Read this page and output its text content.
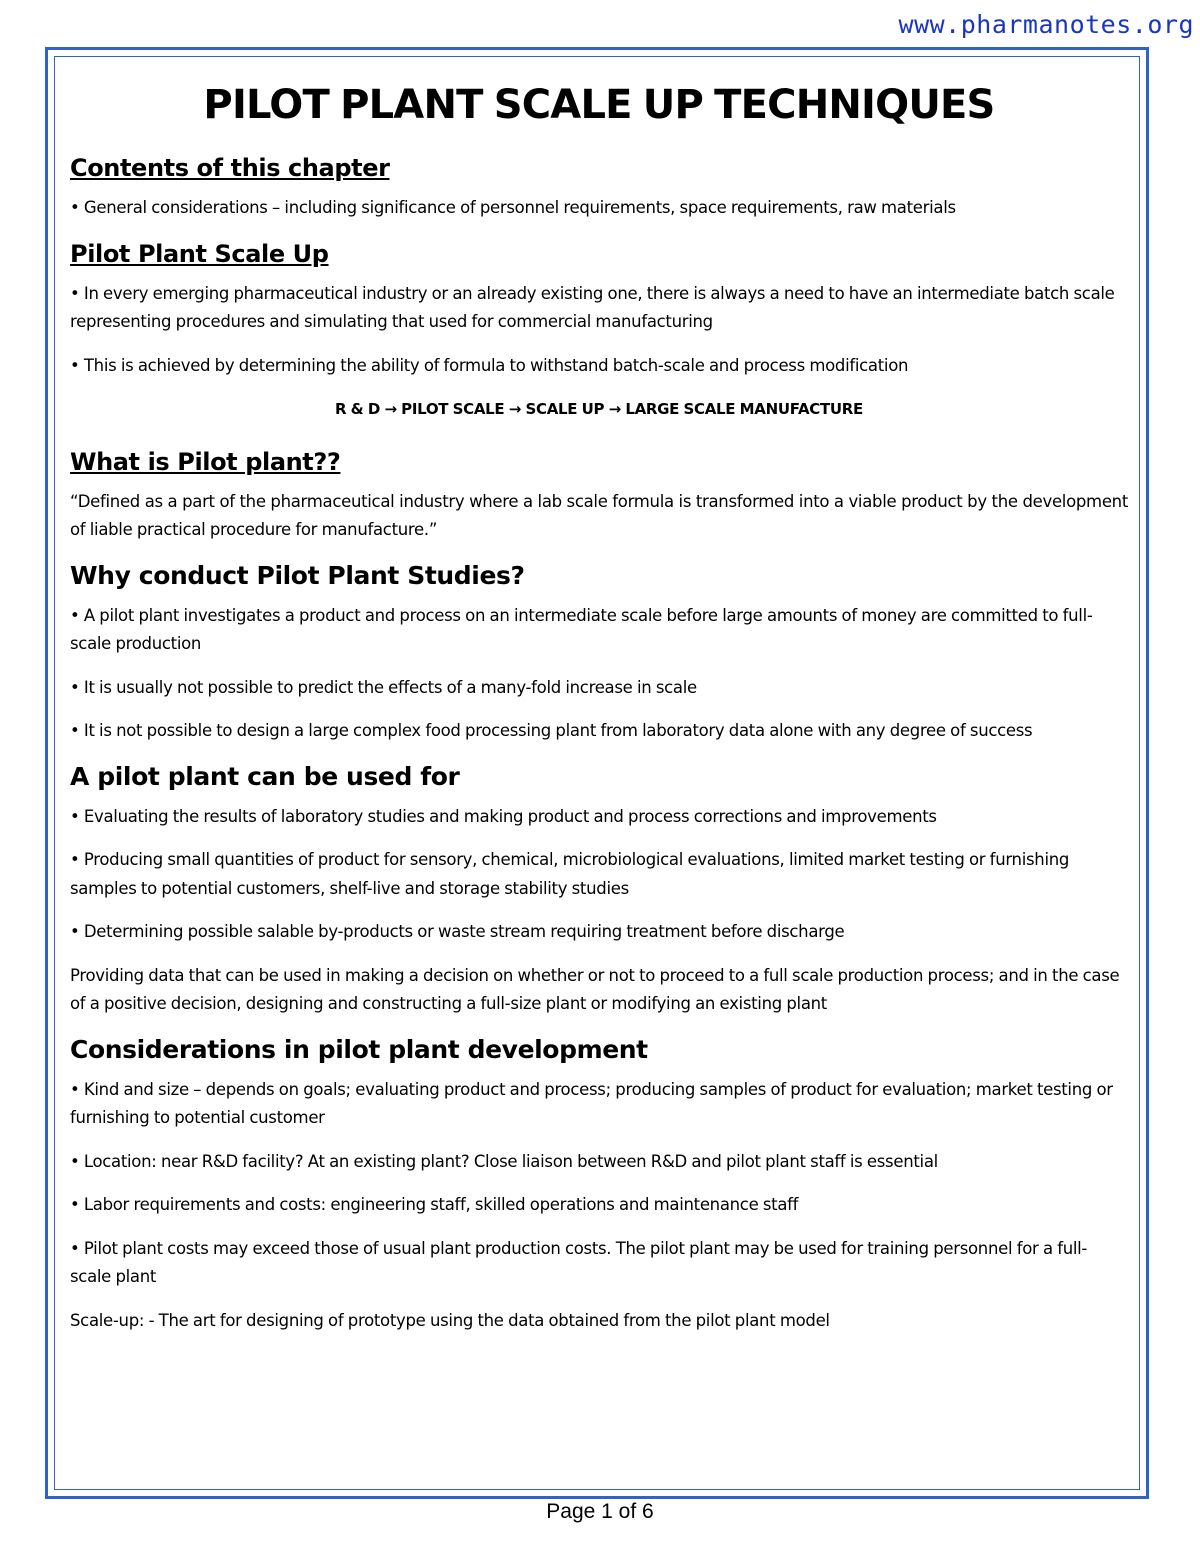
www.pharmanotes.org
PILOT PLANT SCALE UP TECHNIQUES
Contents of this chapter

• General considerations – including significance of personnel requirements, space requirements, raw materials

Pilot Plant Scale Up

• In every emerging pharmaceutical industry or an already existing one, there is always a need to have an intermediate batch scale representing procedures and simulating that used for commercial manufacturing

• This is achieved by determining the ability of formula to withstand batch-scale and process modification

R & D → PILOT SCALE → SCALE UP → LARGE SCALE MANUFACTURE

What is Pilot plant??

“Defined as a part of the pharmaceutical industry where a lab scale formula is transformed into a viable product by the development of liable practical procedure for manufacture.”

Why conduct Pilot Plant Studies?

• A pilot plant investigates a product and process on an intermediate scale before large amounts of money are committed to full-scale production

• It is usually not possible to predict the effects of a many-fold increase in scale

• It is not possible to design a large complex food processing plant from laboratory data alone with any degree of success

A pilot plant can be used for

• Evaluating the results of laboratory studies and making product and process corrections and improvements

• Producing small quantities of product for sensory, chemical, microbiological evaluations, limited market testing or furnishing samples to potential customers, shelf-live and storage stability studies

• Determining possible salable by-products or waste stream requiring treatment before discharge

Providing data that can be used in making a decision on whether or not to proceed to a full scale production process; and in the case of a positive decision, designing and constructing a full-size plant or modifying an existing plant

Considerations in pilot plant development

• Kind and size – depends on goals; evaluating product and process; producing samples of product for evaluation; market testing or furnishing to potential customer

• Location: near R&D facility? At an existing plant? Close liaison between R&D and pilot plant staff is essential

• Labor requirements and costs: engineering staff, skilled operations and maintenance staff

• Pilot plant costs may exceed those of usual plant production costs. The pilot plant may be used for training personnel for a full- scale plant

Scale-up: - The art for designing of prototype using the data obtained from the pilot plant model

Page 1 of 6
